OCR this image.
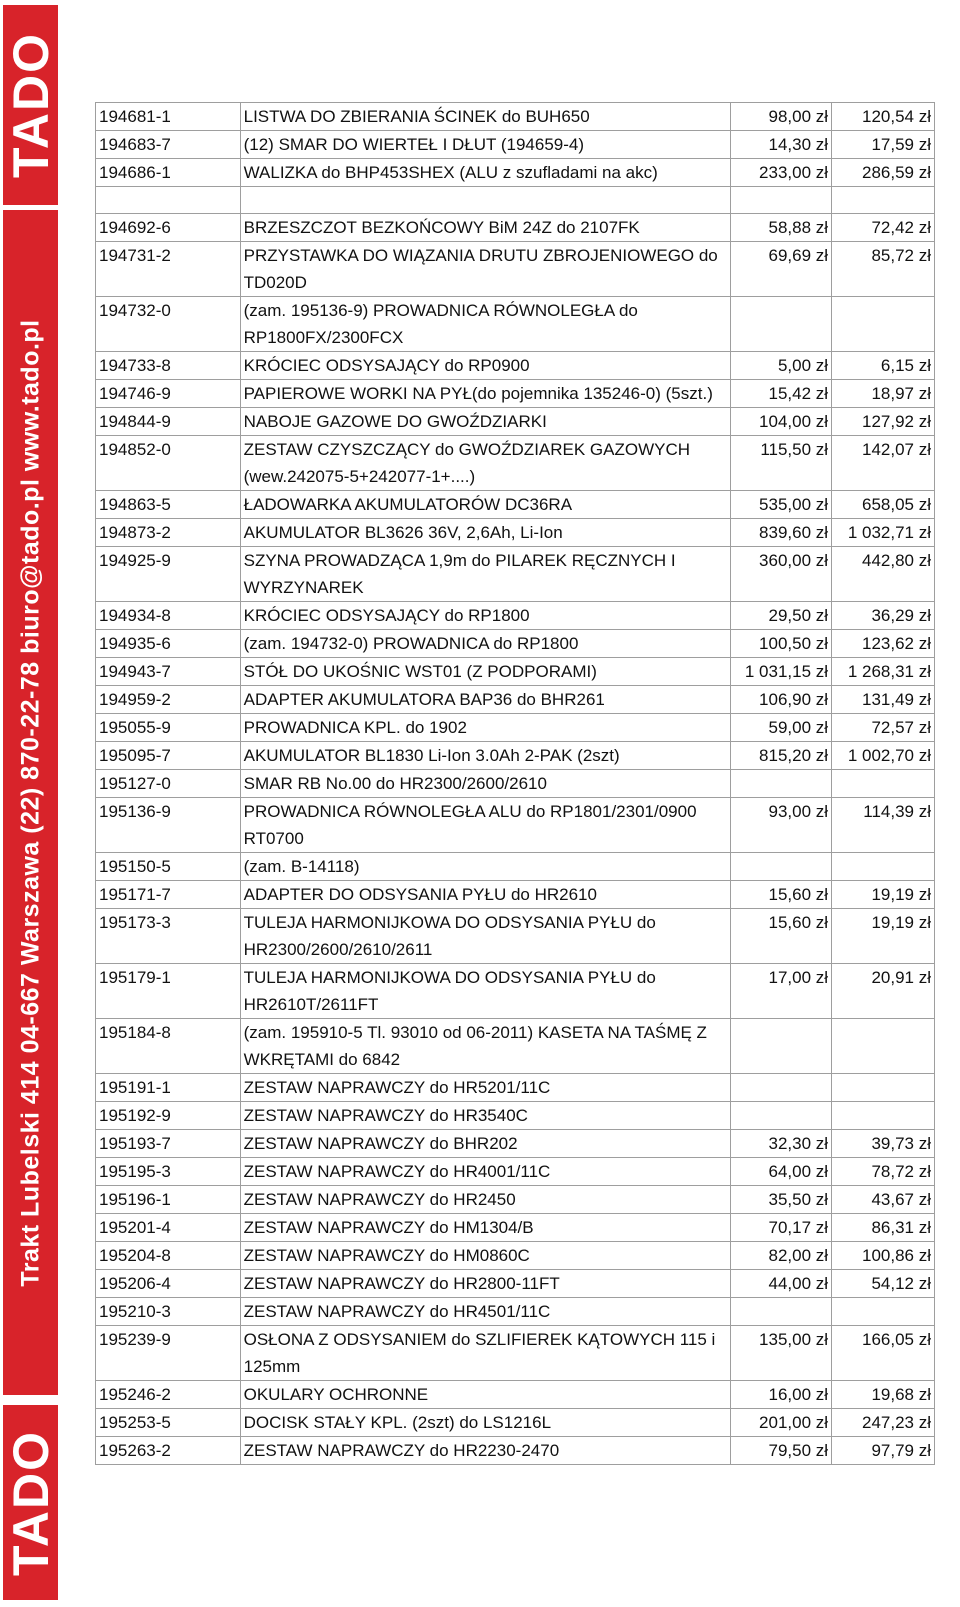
TADO
Trakt Lubelski 414 04-667 Warszawa (22) 870-22-78 biuro@tado.pl www.tado.pl
TADO
194681-1	LISTWA DO ZBIERANIA ŚCINEK do BUH650	98,00 zł	120,54 zł
194683-7	(12) SMAR DO WIERTEŁ I DŁUT (194659-4)	14,30 zł	17,59 zł
194686-1	WALIZKA do BHP453SHEX (ALU z szufladami na akc)	233,00 zł	286,59 zł

194692-6	BRZESZCZOT BEZKOŃCOWY BiM 24Z do 2107FK	58,88 zł	72,42 zł
194731-2	PRZYSTAWKA DO WIĄZANIA DRUTU ZBROJENIOWEGO do TD020D	69,69 zł	85,72 zł
194732-0	(zam. 195136-9) PROWADNICA RÓWNOLEGŁA do RP1800FX/2300FCX		
194733-8	KRÓCIEC ODSYSAJĄCY do RP0900	5,00 zł	6,15 zł
194746-9	PAPIEROWE WORKI NA PYŁ(do pojemnika 135246-0) (5szt.)	15,42 zł	18,97 zł
194844-9	NABOJE GAZOWE DO GWOŹDZIARKI	104,00 zł	127,92 zł
194852-0	ZESTAW CZYSZCZĄCY do GWOŹDZIAREK GAZOWYCH (wew.242075-5+242077-1+....)	115,50 zł	142,07 zł
194863-5	ŁADOWARKA AKUMULATORÓW DC36RA	535,00 zł	658,05 zł
194873-2	AKUMULATOR BL3626 36V, 2,6Ah, Li-Ion	839,60 zł	1 032,71 zł
194925-9	SZYNA PROWADZĄCA 1,9m do PILAREK RĘCZNYCH I WYRZYNAREK	360,00 zł	442,80 zł
194934-8	KRÓCIEC ODSYSAJĄCY do RP1800	29,50 zł	36,29 zł
194935-6	(zam. 194732-0) PROWADNICA do RP1800	100,50 zł	123,62 zł
194943-7	STÓŁ DO UKOŚNIC WST01 (Z PODPORAMI)	1 031,15 zł	1 268,31 zł
194959-2	ADAPTER AKUMULATORA BAP36 do BHR261	106,90 zł	131,49 zł
195055-9	PROWADNICA KPL. do 1902	59,00 zł	72,57 zł
195095-7	AKUMULATOR BL1830 Li-Ion 3.0Ah 2-PAK (2szt)	815,20 zł	1 002,70 zł
195127-0	SMAR RB No.00 do HR2300/2600/2610		
195136-9	PROWADNICA RÓWNOLEGŁA ALU do RP1801/2301/0900 RT0700	93,00 zł	114,39 zł
195150-5	(zam. B-14118)		
195171-7	ADAPTER DO ODSYSANIA PYŁU do HR2610	15,60 zł	19,19 zł
195173-3	TULEJA HARMONIJKOWA DO ODSYSANIA PYŁU do HR2300/2600/2610/2611	15,60 zł	19,19 zł
195179-1	TULEJA HARMONIJKOWA DO ODSYSANIA PYŁU do HR2610T/2611FT	17,00 zł	20,91 zł
195184-8	(zam. 195910-5 Tl. 93010 od 06-2011) KASETA NA TAŚMĘ Z WKRĘTAMI do 6842		
195191-1	ZESTAW NAPRAWCZY do HR5201/11C		
195192-9	ZESTAW NAPRAWCZY do HR3540C		
195193-7	ZESTAW NAPRAWCZY do BHR202	32,30 zł	39,73 zł
195195-3	ZESTAW NAPRAWCZY do HR4001/11C	64,00 zł	78,72 zł
195196-1	ZESTAW NAPRAWCZY do HR2450	35,50 zł	43,67 zł
195201-4	ZESTAW NAPRAWCZY do HM1304/B	70,17 zł	86,31 zł
195204-8	ZESTAW NAPRAWCZY do HM0860C	82,00 zł	100,86 zł
195206-4	ZESTAW NAPRAWCZY do HR2800-11FT	44,00 zł	54,12 zł
195210-3	ZESTAW NAPRAWCZY do HR4501/11C		
195239-9	OSŁONA Z ODSYSANIEM do SZLIFIEREK KĄTOWYCH 115 i 125mm	135,00 zł	166,05 zł
195246-2	OKULARY OCHRONNE	16,00 zł	19,68 zł
195253-5	DOCISK STAŁY KPL. (2szt) do LS1216L	201,00 zł	247,23 zł
195263-2	ZESTAW NAPRAWCZY do HR2230-2470	79,50 zł	97,79 zł
